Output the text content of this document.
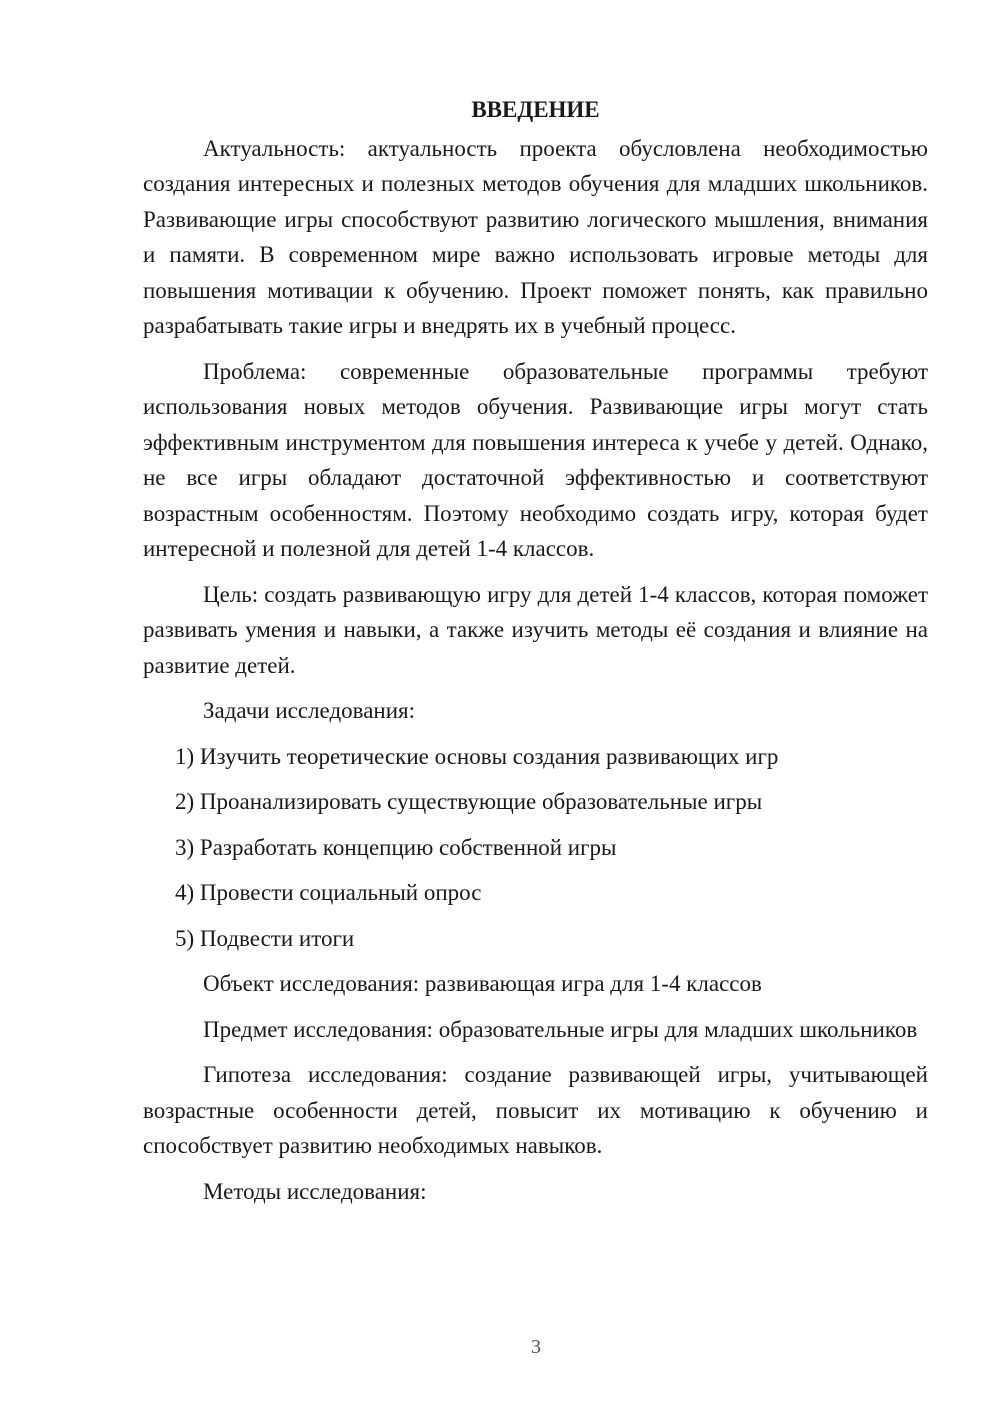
ВВЕДЕНИЕ

Актуальность: актуальность проекта обусловлена необходимостью создания интересных и полезных методов обучения для младших школьников. Развивающие игры способствуют развитию логического мышления, внимания и памяти. В современном мире важно использовать игровые методы для повышения мотивации к обучению. Проект поможет понять, как правильно разрабатывать такие игры и внедрять их в учебный процесс.

Проблема: современные образовательные программы требуют использования новых методов обучения. Развивающие игры могут стать эффективным инструментом для повышения интереса к учебе у детей. Однако, не все игры обладают достаточной эффективностью и соответствуют возрастным особенностям. Поэтому необходимо создать игру, которая будет интересной и полезной для детей 1-4 классов.

Цель: создать развивающую игру для детей 1-4 классов, которая поможет развивать умения и навыки, а также изучить методы её создания и влияние на развитие детей.

Задачи исследования:

1) Изучить теоретические основы создания развивающих игр
2) Проанализировать существующие образовательные игры
3) Разработать концепцию собственной игры
4) Провести социальный опрос
5) Подвести итоги

Объект исследования: развивающая игра для 1-4 классов

Предмет исследования: образовательные игры для младших школьников

Гипотеза исследования: создание развивающей игры, учитывающей возрастные особенности детей, повысит их мотивацию к обучению и способствует развитию необходимых навыков.

Методы исследования:

3
